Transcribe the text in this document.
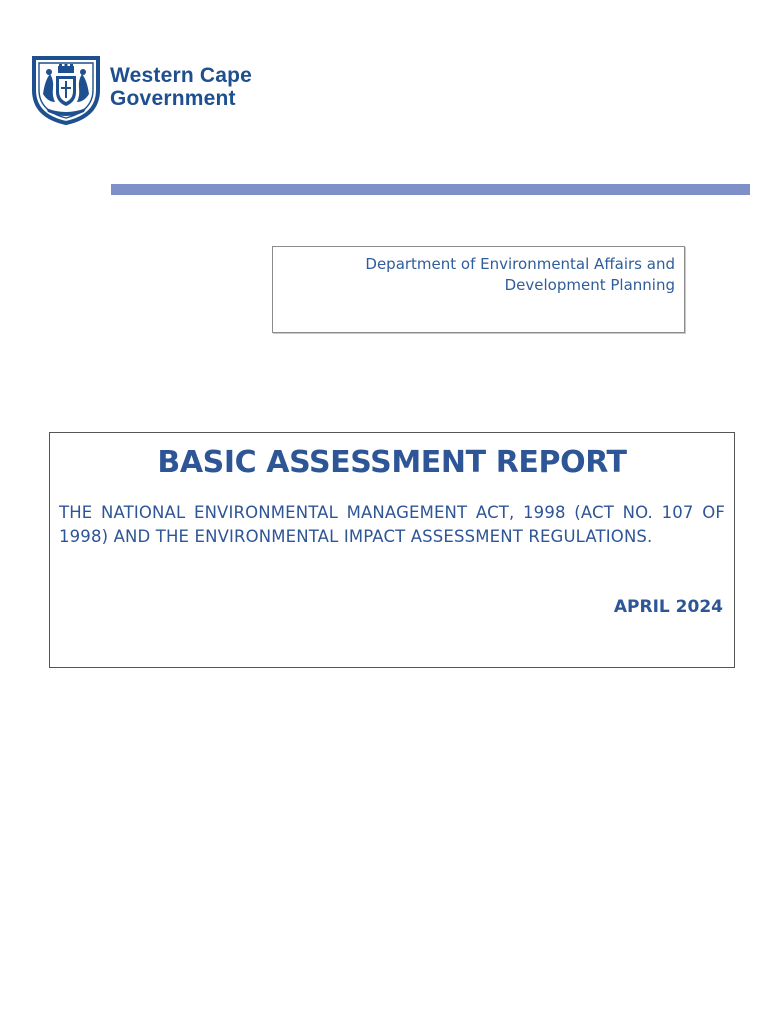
Western Cape
Government
Department of Environmental Affairs and
Development Planning
BASIC ASSESSMENT REPORT
THE NATIONAL ENVIRONMENTAL MANAGEMENT ACT, 1998 (ACT NO. 107 OF 1998) AND THE ENVIRONMENTAL IMPACT ASSESSMENT REGULATIONS.
APRIL 2024
